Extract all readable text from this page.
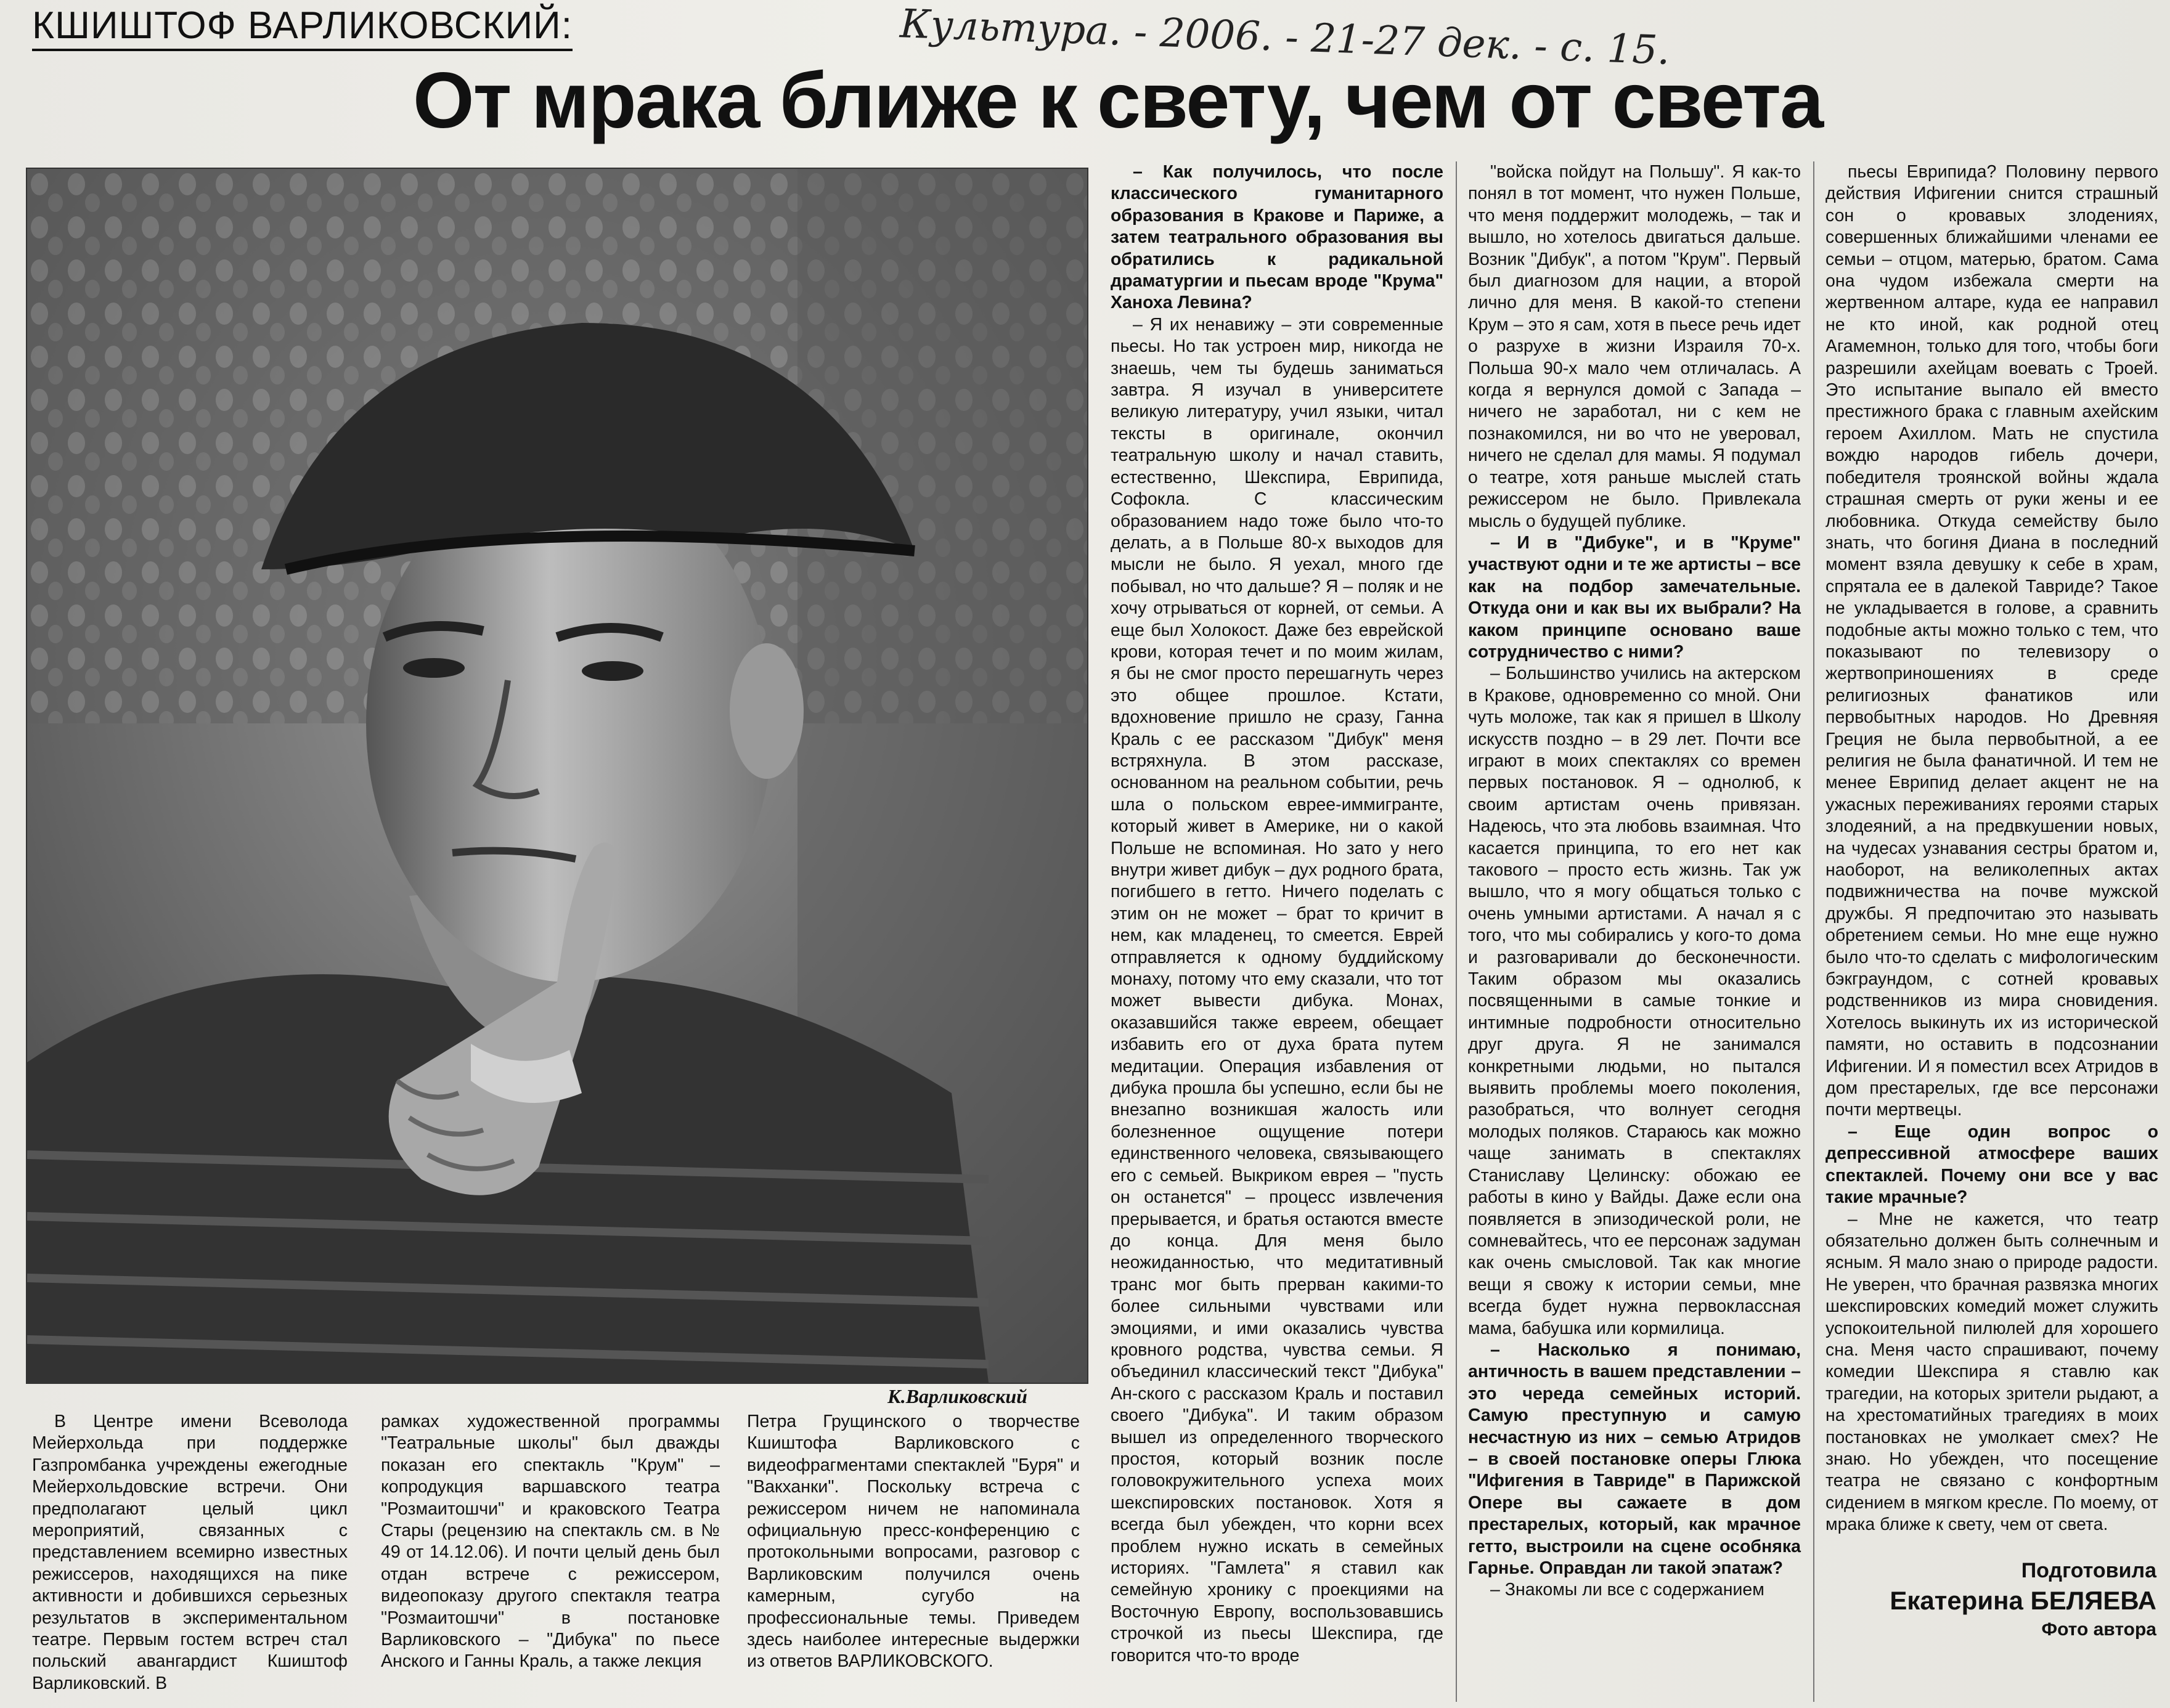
КШИШТОФ ВАРЛИКОВСКИЙ:	Культура. - 2006. - 21-27 дек. - с. 15.
От мрака ближе к свету, чем от света
К.Варликовский

В Центре имени Всеволода Мейерхольда при поддержке Газпромбанка учреждены ежегодные Мейерхольдовские встречи. Они предполагают целый цикл мероприятий, связанных с представлением всемирно известных режиссеров, находящихся на пике активности и добившихся серьезных результатов в экспериментальном театре. Первым гостем встреч стал польский авангардист Кшиштоф Варликовский. В

рамках художественной программы "Театральные школы" был дважды показан его спектакль "Крум" – копродукция варшавского театра "Розмаитошчи" и краковского Театра Стары (рецензию на спектакль см. в № 49 от 14.12.06). И почти целый день был отдан встрече с режиссером, видеопоказу другого спектакля театра "Розмаитошчи" в постановке Варликовского – "Дибука" по пьесе Анского и Ганны Краль, а также лекция

Петра Грущинского о творчестве Кшиштофа Варликовского с видеофрагментами спектаклей "Буря" и "Вакханки". Поскольку встреча с режиссером ничем не напоминала официальную пресс-конференцию с протокольными вопросами, разговор с Варликовским получился очень камерным, сугубо на профессиональные темы. Приведем здесь наиболее интересные выдержки из ответов ВАРЛИКОВСКОГО.

– Как получилось, что после классического гуманитарного образования в Кракове и Париже, а затем театрального образования вы обратились к радикальной драматургии и пьесам вроде "Крума" Ханоха Левина?

– Я их ненавижу – эти современные пьесы. Но так устроен мир, никогда не знаешь, чем ты будешь заниматься завтра. Я изучал в университете великую литературу, учил языки, читал тексты в оригинале, окончил театральную школу и начал ставить, естественно, Шекспира, Еврипида, Софокла. С классическим образованием надо тоже было что-то делать, а в Польше 80-х выходов для мысли не было. Я уехал, много где побывал, но что дальше? Я – поляк и не хочу отрываться от корней, от семьи. А еще был Холокост. Даже без еврейской крови, которая течет и по моим жилам, я бы не смог просто перешагнуть через это общее прошлое. Кстати, вдохновение пришло не сразу, Ганна Краль с ее рассказом "Дибук" меня встряхнула. В этом рассказе, основанном на реальном событии, речь шла о польском еврее-иммигранте, который живет в Америке, ни о какой Польше не вспоминая. Но зато у него внутри живет дибук – дух родного брата, погибшего в гетто. Ничего поделать с этим он не может – брат то кричит в нем, как младенец, то смеется. Еврей отправляется к одному буддийскому монаху, потому что ему сказали, что тот может вывести дибука. Монах, оказавшийся также евреем, обещает избавить его от духа брата путем медитации. Операция избавления от дибука прошла бы успешно, если бы не внезапно возникшая жалость или болезненное ощущение потери единственного человека, связывающего его с семьей. Выкриком еврея – "пусть он останется" – процесс извлечения прерывается, и братья остаются вместе до конца. Для меня было неожиданностью, что медитативный транс мог быть прерван какими-то более сильными чувствами или эмоциями, и ими оказались чувства кровного родства, чувства семьи. Я объединил классический текст "Дибука" Ан-ского с рассказом Краль и поставил своего "Дибука". И таким образом вышел из определенного творческого простоя, который возник после головокружительного успеха моих шекспировских постановок. Хотя я всегда был убежден, что корни всех проблем нужно искать в семейных историях. "Гамлета" я ставил как семейную хронику с проекциями на Восточную Европу, воспользовавшись строчкой из пьесы Шекспира, где говорится что-то вроде

"войска пойдут на Польшу". Я как-то понял в тот момент, что нужен Польше, что меня поддержит молодежь, – так и вышло, но хотелось двигаться дальше. Возник "Дибук", а потом "Крум". Первый был диагнозом для нации, а второй лично для меня. В какой-то степени Крум – это я сам, хотя в пьесе речь идет о разрухе в жизни Израиля 70-х. Польша 90-х мало чем отличалась. А когда я вернулся домой с Запада – ничего не заработал, ни с кем не познакомился, ни во что не уверовал, ничего не сделал для мамы. Я подумал о театре, хотя раньше мыслей стать режиссером не было. Привлекала мысль о будущей публике.

– И в "Дибуке", и в "Круме" участвуют одни и те же артисты – все как на подбор замечательные. Откуда они и как вы их выбрали? На каком принципе основано ваше сотрудничество с ними?

– Большинство учились на актерском в Кракове, одновременно со мной. Они чуть моложе, так как я пришел в Школу искусств поздно – в 29 лет. Почти все играют в моих спектаклях со времен первых постановок. Я – однолюб, к своим артистам очень привязан. Надеюсь, что эта любовь взаимная. Что касается принципа, то его нет как такового – просто есть жизнь. Так уж вышло, что я могу общаться только с очень умными артистами. А начал я с того, что мы собирались у кого-то дома и разговаривали до бесконечности. Таким образом мы оказались посвященными в самые тонкие и интимные подробности относительно друг друга. Я не занимался конкретными людьми, но пытался выявить проблемы моего поколения, разобраться, что волнует сегодня молодых поляков. Стараюсь как можно чаще занимать в спектаклях Станиславу Целинску: обожаю ее работы в кино у Вайды. Даже если она появляется в эпизодической роли, не сомневайтесь, что ее персонаж задуман как очень смысловой. Так как многие вещи я свожу к истории семьи, мне всегда будет нужна первоклассная мама, бабушка или кормилица.

– Насколько я понимаю, античность в вашем представлении – это череда семейных историй. Самую преступную и самую несчастную из них – семью Атридов – в своей постановке оперы Глюка "Ифигения в Тавриде" в Парижской Опере вы сажаете в дом престарелых, который, как мрачное гетто, выстроили на сцене особняка Гарнье. Оправдан ли такой эпатаж?

– Знакомы ли все с содержанием

пьесы Еврипида? Половину первого действия Ифигении снится страшный сон о кровавых злодениях, совершенных ближайшими членами ее семьи – отцом, матерью, братом. Сама она чудом избежала смерти на жертвенном алтаре, куда ее направил не кто иной, как родной отец Агамемнон, только для того, чтобы боги разрешили ахейцам воевать с Троей. Это испытание выпало ей вместо престижного брака с главным ахейским героем Ахиллом. Мать не спустила вождю народов гибель дочери, победителя троянской войны ждала страшная смерть от руки жены и ее любовника. Откуда семейству было знать, что богиня Диана в последний момент взяла девушку к себе в храм, спрятала ее в далекой Тавриде? Такое не укладывается в голове, а сравнить подобные акты можно только с тем, что показывают по телевизору о жертвоприношениях в среде религиозных фанатиков или первобытных народов. Но Древняя Греция не была первобытной, а ее религия не была фанатичной. И тем не менее Еврипид делает акцент не на ужасных переживаниях героями старых злодеяний, а на предвкушении новых, на чудесах узнавания сестры братом и, наоборот, на великолепных актах подвижничества на почве мужской дружбы. Я предпочитаю это называть обретением семьи. Но мне еще нужно было что-то сделать с мифологическим бэкграундом, с сотней кровавых родственников из мира сновидения. Хотелось выкинуть их из исторической памяти, но оставить в подсознании Ифигении. И я поместил всех Атридов в дом престарелых, где все персонажи почти мертвецы.

– Еще один вопрос о депрессивной атмосфере ваших спектаклей. Почему они все у вас такие мрачные?

– Мне не кажется, что театр обязательно должен быть солнечным и ясным. Я мало знаю о природе радости. Не уверен, что брачная развязка многих шекспировских комедий может служить успокоительной пилюлей для хорошего сна. Меня часто спрашивают, почему комедии Шекспира я ставлю как трагедии, на которых зрители рыдают, а на хрестоматийных трагедиях в моих постановках не умолкает смех? Не знаю. Но убежден, что посещение театра не связано с конфортным сидением в мягком кресле. По моему, от мрака ближе к свету, чем от света.

Подготовила
Екатерина БЕЛЯЕВА
Фото автора
